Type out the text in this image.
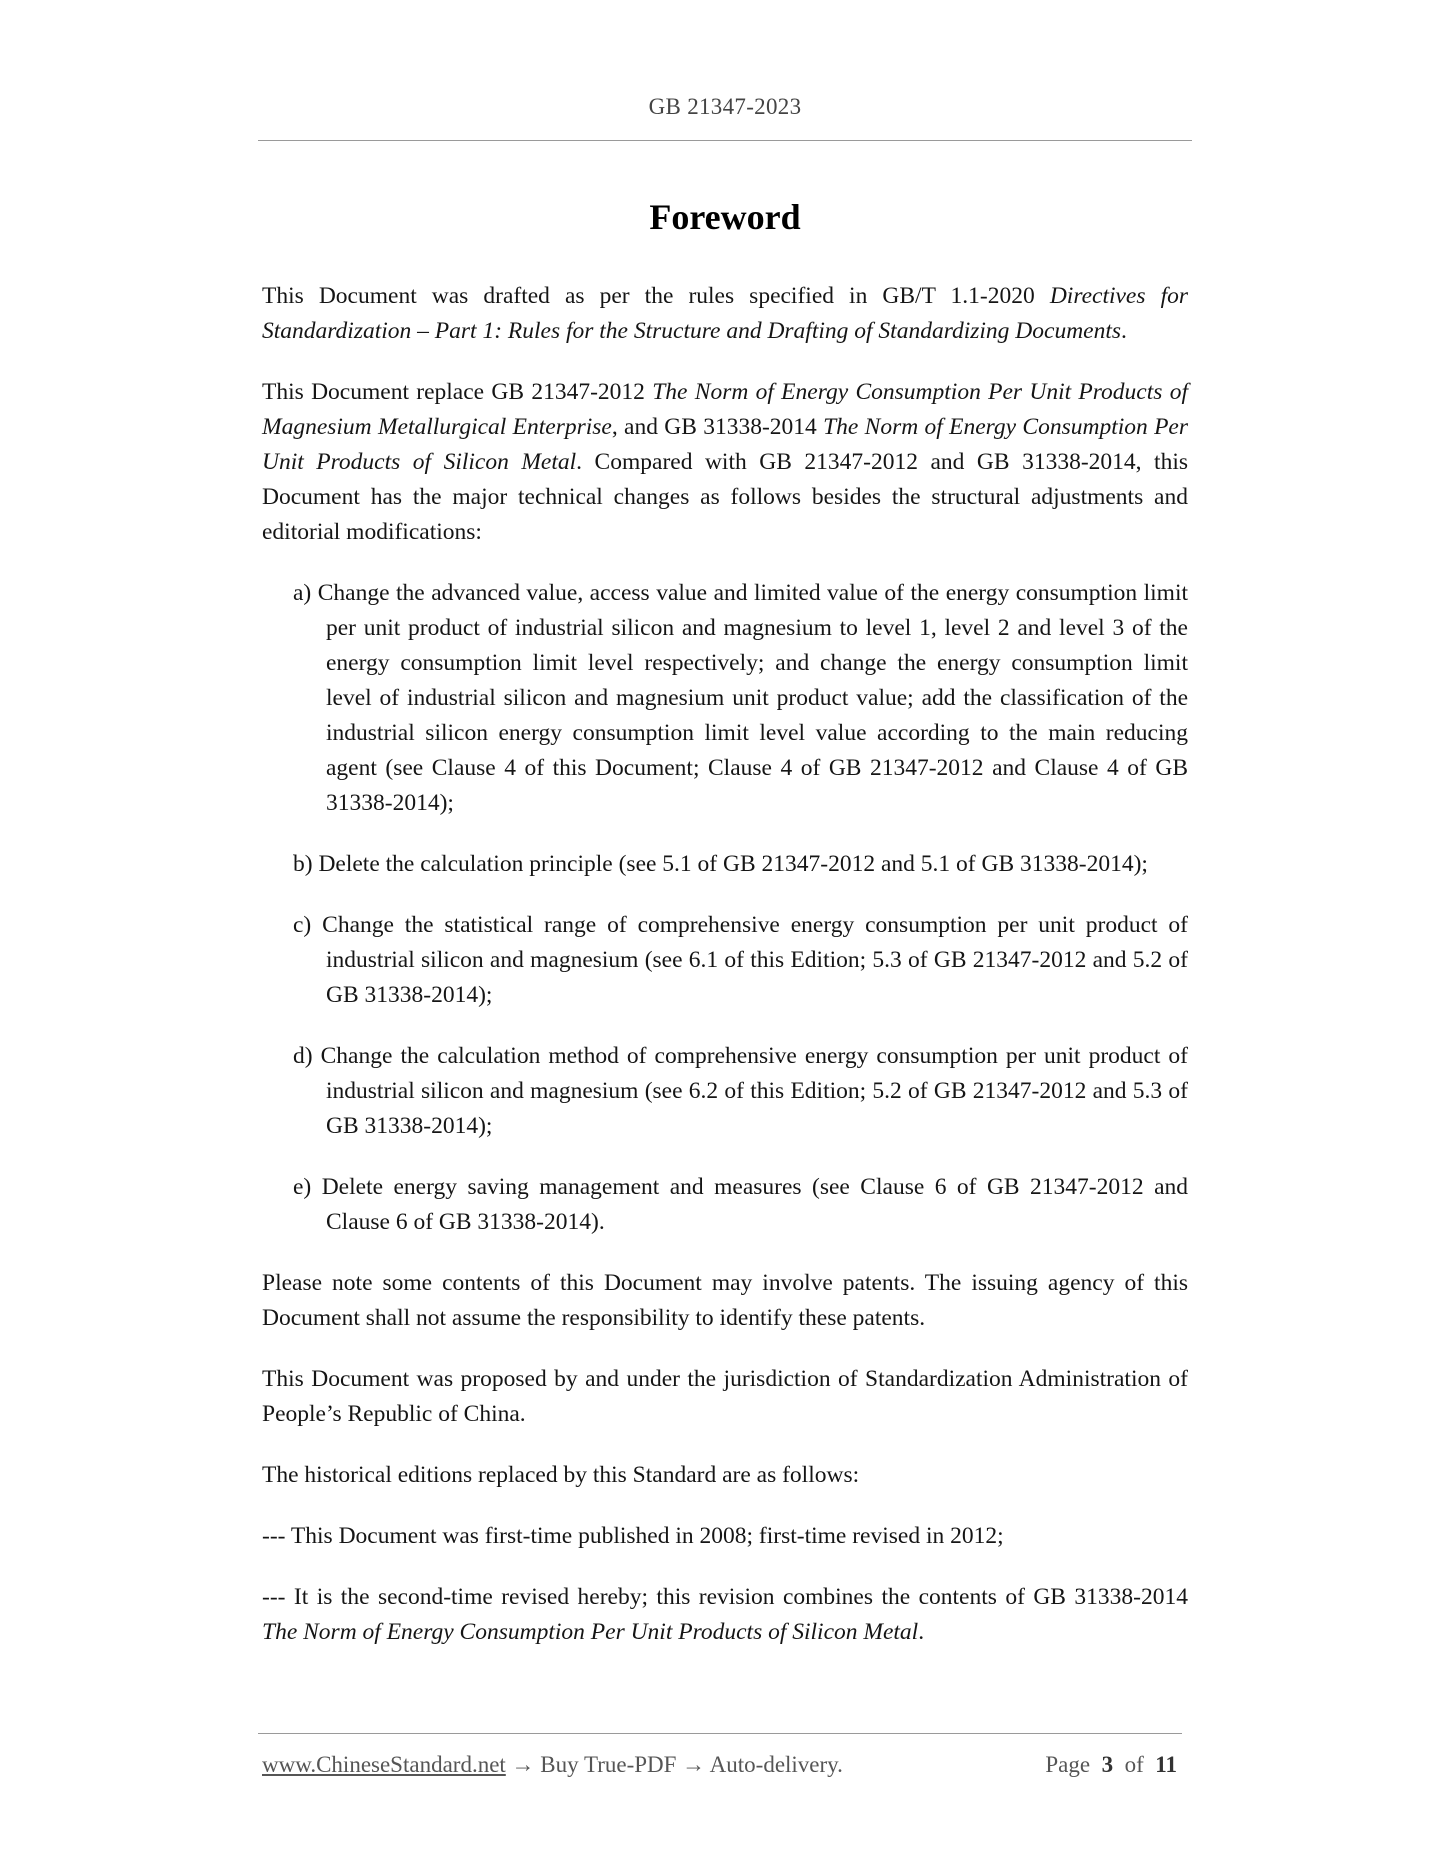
GB 21347-2023
Foreword

This Document was drafted as per the rules specified in GB/T 1.1-2020 Directives for Standardization – Part 1: Rules for the Structure and Drafting of Standardizing Documents.

This Document replace GB 21347-2012 The Norm of Energy Consumption Per Unit Products of Magnesium Metallurgical Enterprise, and GB 31338-2014 The Norm of Energy Consumption Per Unit Products of Silicon Metal. Compared with GB 21347-2012 and GB 31338-2014, this Document has the major technical changes as follows besides the structural adjustments and editorial modifications:

a) Change the advanced value, access value and limited value of the energy consumption limit per unit product of industrial silicon and magnesium to level 1, level 2 and level 3 of the energy consumption limit level respectively; and change the energy consumption limit level of industrial silicon and magnesium unit product value; add the classification of the industrial silicon energy consumption limit level value according to the main reducing agent (see Clause 4 of this Document; Clause 4 of GB 21347-2012 and Clause 4 of GB 31338-2014);

b) Delete the calculation principle (see 5.1 of GB 21347-2012 and 5.1 of GB 31338-2014);

c) Change the statistical range of comprehensive energy consumption per unit product of industrial silicon and magnesium (see 6.1 of this Edition; 5.3 of GB 21347-2012 and 5.2 of GB 31338-2014);

d) Change the calculation method of comprehensive energy consumption per unit product of industrial silicon and magnesium (see 6.2 of this Edition; 5.2 of GB 21347-2012 and 5.3 of GB 31338-2014);

e) Delete energy saving management and measures (see Clause 6 of GB 21347-2012 and Clause 6 of GB 31338-2014).

Please note some contents of this Document may involve patents. The issuing agency of this Document shall not assume the responsibility to identify these patents.

This Document was proposed by and under the jurisdiction of Standardization Administration of People’s Republic of China.

The historical editions replaced by this Standard are as follows:

--- This Document was first-time published in 2008; first-time revised in 2012;

--- It is the second-time revised hereby; this revision combines the contents of GB 31338-2014 The Norm of Energy Consumption Per Unit Products of Silicon Metal.

www.ChineseStandard.net → Buy True-PDF → Auto-delivery.	Page 3 of 11
